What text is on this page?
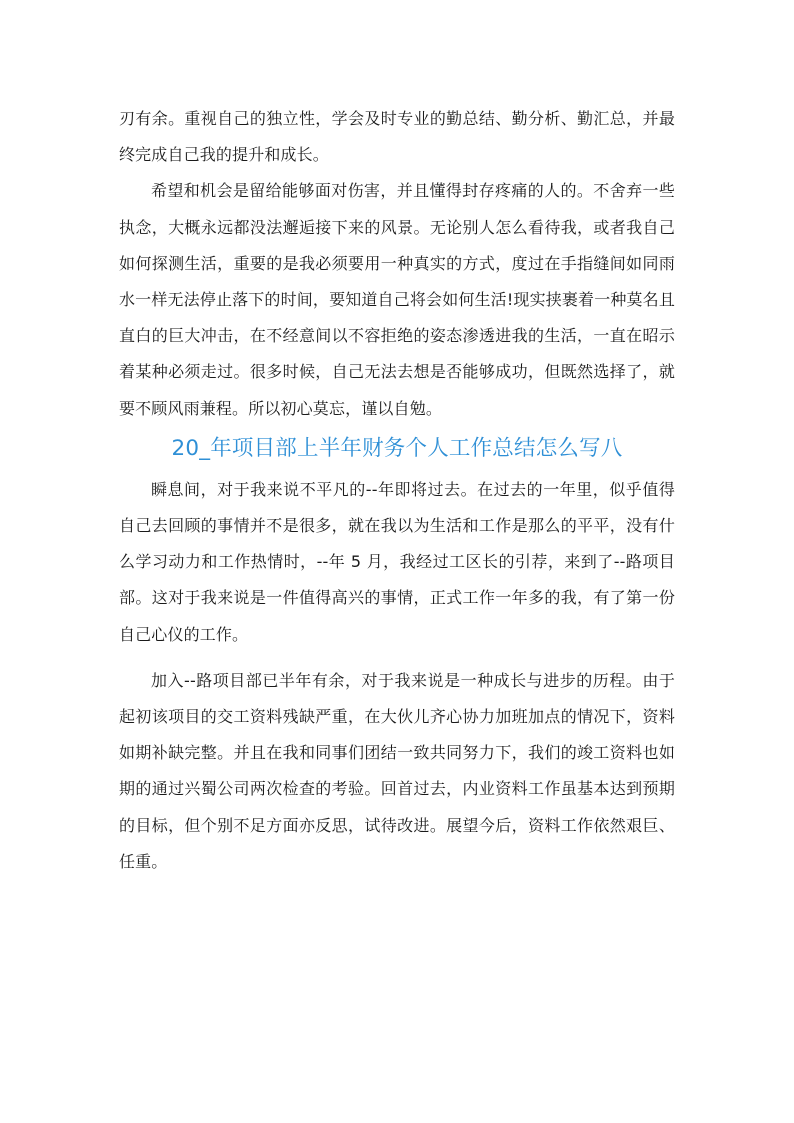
刃有余。重视自己的独立性，学会及时专业的勤总结、勤分析、勤汇总，并最终完成自己我的提升和成长。

希望和机会是留给能够面对伤害，并且懂得封存疼痛的人的。不舍弃一些执念，大概永远都没法邂逅接下来的风景。无论别人怎么看待我，或者我自己如何探测生活，重要的是我必须要用一种真实的方式，度过在手指缝间如同雨水一样无法停止落下的时间，要知道自己将会如何生活!现实挟裹着一种莫名且直白的巨大冲击，在不经意间以不容拒绝的姿态渗透进我的生活，一直在昭示着某种必须走过。很多时候，自己无法去想是否能够成功，但既然选择了，就要不顾风雨兼程。所以初心莫忘，谨以自勉。

20_年项目部上半年财务个人工作总结怎么写八

瞬息间，对于我来说不平凡的--年即将过去。在过去的一年里，似乎值得自己去回顾的事情并不是很多，就在我以为生活和工作是那么的平平，没有什么学习动力和工作热情时，--年 5 月，我经过工区长的引荐，来到了--路项目部。这对于我来说是一件值得高兴的事情，正式工作一年多的我，有了第一份自己心仪的工作。

加入--路项目部已半年有余，对于我来说是一种成长与进步的历程。由于起初该项目的交工资料残缺严重，在大伙儿齐心协力加班加点的情况下，资料如期补缺完整。并且在我和同事们团结一致共同努力下，我们的竣工资料也如期的通过兴蜀公司两次检查的考验。回首过去，内业资料工作虽基本达到预期的目标，但个别不足方面亦反思，试待改进。展望今后，资料工作依然艰巨、任重。
